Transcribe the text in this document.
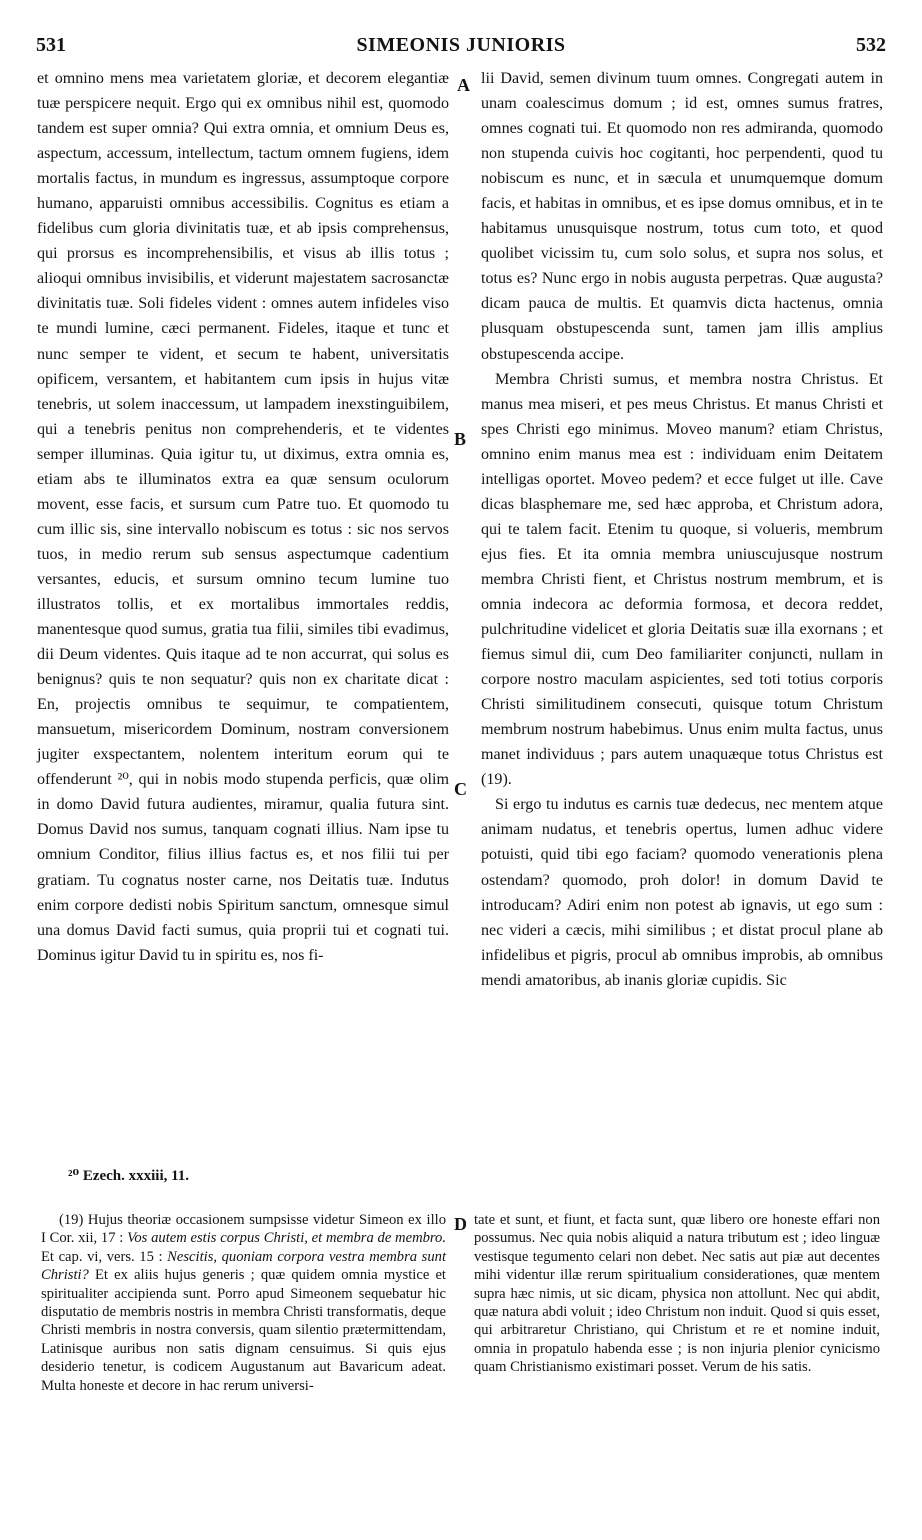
531	SIMEONIS JUNIORIS	532

et omnino mens mea varietatem gloriæ, et decorem elegantiæ tuæ perspicere nequit. Ergo qui ex omnibus nihil est, quomodo tandem est super omnia? Qui extra omnia, et omnium Deus es, aspectum, accessum, intellectum, tactum omnem fugiens, idem mortalis factus, in mundum es ingressus, assumptoque corpore humano, apparuisti omnibus accessibilis. Cognitus es etiam a fidelibus cum gloria divinitatis tuæ, et ab ipsis comprehensus, qui prorsus es incomprehensibilis, et visus ab illis totus ; alioqui omnibus invisibilis, et viderunt majestatem sacrosanctæ divinitatis tuæ. Soli fideles vident : omnes autem infideles viso te mundi lumine, cæci permanent. Fideles, itaque et tunc et nunc semper te vident, et secum te habent, universitatis opificem, versantem, et habitantem cum ipsis in hujus vitæ tenebris, ut solem inaccessum, ut lampadem inexstinguibilem, qui a tenebris penitus non comprehenderis, et te videntes semper illuminas. Quia igitur tu, ut diximus, extra omnia es, etiam abs te illuminatos extra ea quæ sensum oculorum movent, esse facis, et sursum cum Patre tuo. Et quomodo tu cum illic sis, sine intervallo nobiscum es totus : sic nos servos tuos, in medio rerum sub sensus aspectumque cadentium versantes, educis, et sursum omnino tecum lumine tuo illustratos tollis, et ex mortalibus immortales reddis, manentesque quod sumus, gratia tua filii, similes tibi evadimus, dii Deum videntes. Quis itaque ad te non accurrat, qui solus es benignus? quis te non sequatur? quis non ex charitate dicat : En, projectis omnibus te sequimur, te compatientem, mansuetum, misericordem Dominum, nostram conversionem jugiter exspectantem, nolentem interitum eorum qui te offenderunt ²⁰, qui in nobis modo stupenda perficis, quæ olim in domo David futura audientes, miramur, qualia futura sint. Domus David nos sumus, tanquam cognati illius. Nam ipse tu omnium Conditor, filius illius factus es, et nos filii tui per gratiam. Tu cognatus noster carne, nos Deitatis tuæ. Indutus enim corpore dedisti nobis Spiritum sanctum, omnesque simul una domus David facti sumus, quia proprii tui et cognati tui. Dominus igitur David tu in spiritu es, nos fi-

A
B
C
D

lii David, semen divinum tuum omnes. Congregati autem in unam coalescimus domum ; id est, omnes sumus fratres, omnes cognati tui. Et quomodo non res admiranda, quomodo non stupenda cuivis hoc cogitanti, hoc perpendenti, quod tu nobiscum es nunc, et in sæcula et unumquemque domum facis, et habitas in omnibus, et es ipse domus omnibus, et in te habitamus unusquisque nostrum, totus cum toto, et quod quolibet vicissim tu, cum solo solus, et supra nos solus, et totus es? Nunc ergo in nobis augusta perpetras. Quæ augusta? dicam pauca de multis. Et quamvis dicta hactenus, omnia plusquam obstupescenda sunt, tamen jam illis amplius obstupescenda accipe.

Membra Christi sumus, et membra nostra Christus. Et manus mea miseri, et pes meus Christus. Et manus Christi et spes Christi ego minimus. Moveo manum? etiam Christus, omnino enim manus mea est : individuam enim Deitatem intelligas oportet. Moveo pedem? et ecce fulget ut ille. Cave dicas blasphemare me, sed hæc approba, et Christum adora, qui te talem facit. Etenim tu quoque, si volueris, membrum ejus fies. Et ita omnia membra uniuscujusque nostrum membra Christi fient, et Christus nostrum membrum, et is omnia indecora ac deformia formosa, et decora reddet, pulchritudine videlicet et gloria Deitatis suæ illa exornans ; et fiemus simul dii, cum Deo familiariter conjuncti, nullam in corpore nostro maculam aspicientes, sed toti totius corporis Christi similitudinem consecuti, quisque totum Christum membrum nostrum habebimus. Unus enim multa factus, unus manet individuus ; pars autem unaquæque totus Christus est (19).

Si ergo tu indutus es carnis tuæ dedecus, nec mentem atque animam nudatus, et tenebris opertus, lumen adhuc videre potuisti, quid tibi ego faciam? quomodo venerationis plena ostendam? quomodo, proh dolor! in domum David te introducam? Adiri enim non potest ab ignavis, ut ego sum : nec videri a cæcis, mihi similibus ; et distat procul plane ab infidelibus et pigris, procul ab omnibus improbis, ab omnibus mendi amatoribus, ab inanis gloriæ cupidis. Sic

²⁰ Ezech. xxxiii, 11.

(19) Hujus theoriæ occasionem sumpsisse videtur Simeon ex illo I Cor. xii, 17 : Vos autem estis corpus Christi, et membra de membro. Et cap. vi, vers. 15 : Nescitis, quoniam corpora vestra membra sunt Christi? Et ex aliis hujus generis ; quæ quidem omnia mystice et spiritualiter accipienda sunt. Porro apud Simeonem sequebatur hic disputatio de membris nostris in membra Christi transformatis, deque Christi membris in nostra conversis, quam silentio prætermittendam, Latinisque auribus non satis dignam censuimus. Si quis ejus desiderio tenetur, is codicem Augustanum aut Bavaricum adeat. Multa honeste et decore in hac rerum universi-

tate et sunt, et fiunt, et facta sunt, quæ libero ore honeste effari non possumus. Nec quia nobis aliquid a natura tributum est ; ideo linguæ vestisque tegumento celari non debet. Nec satis aut piæ aut decentes mihi videntur illæ rerum spiritualium considerationes, quæ mentem supra hæc nimis, ut sic dicam, physica non attollunt. Nec qui abdit, quæ natura abdi voluit ; ideo Christum non induit. Quod si quis esset, qui arbitraretur Christiano, qui Christum et re et nomine induit, omnia in propatulo habenda esse ; is non injuria plenior cynicismo quam Christianismo existimari posset. Verum de his satis.
